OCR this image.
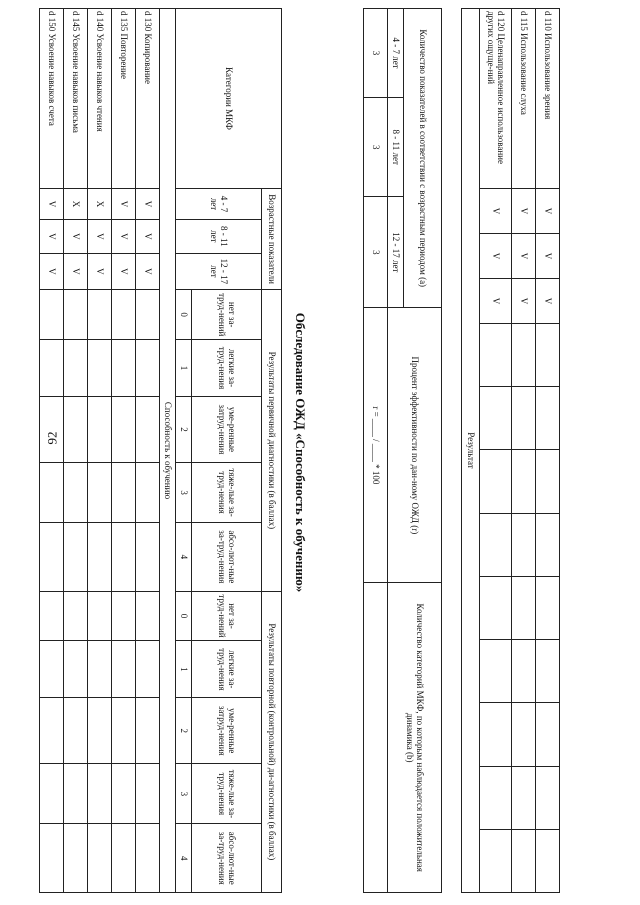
92
d 110 Использование зрения	V	V	V									
d 115 Использование слуха	V	V	V									
d 120 Целенаправленное использование других ощуще-ний	V	V	V									
Результат												
Количество показателей в соответствии с возрастным периодом (a)			Процент эффективности по дан-ному ОЖД (r)	Количество категорий МКФ, по которым наблюдается положительная динамика (b)
4 - 7 лет	8 - 11 лет	12 - 17 лет		
3	3	3	r = ____ / ____ * 100	
Обследование ОЖД «Способность к обучению»
Категории МКФ	Возрастные показатели			Результаты первичной диагностики (в баллах)					Результаты повторной (контрольной) ди-агностики (в баллах)				
	4 - 7 лет	8 - 11 лет	12 - 17 лет	нет за-труд-нений	легкие за-труд-нения	уме-ренные затруд-нения	тяже-лые за-труд-нения	абсо-лют-ные за-труд-нения	нет за-труд-нений	легкие за-труд-нения	уме-ренные затруд-нения	тяже-лые за-труд-нения	абсо-лют-ные за-труд-нения
				0	1	2	3	4	0	1	2	3	4
Способность к обучению													
d 130 Копирование	V	V	V										
d 135 Повторение	V	V	V										
d 140 Усвоение навыков чтения	X	V	V										
d 145 Усвоение навыков письма	X	V	V										
d 150 Усвоение навыков счета	V	V	V										
